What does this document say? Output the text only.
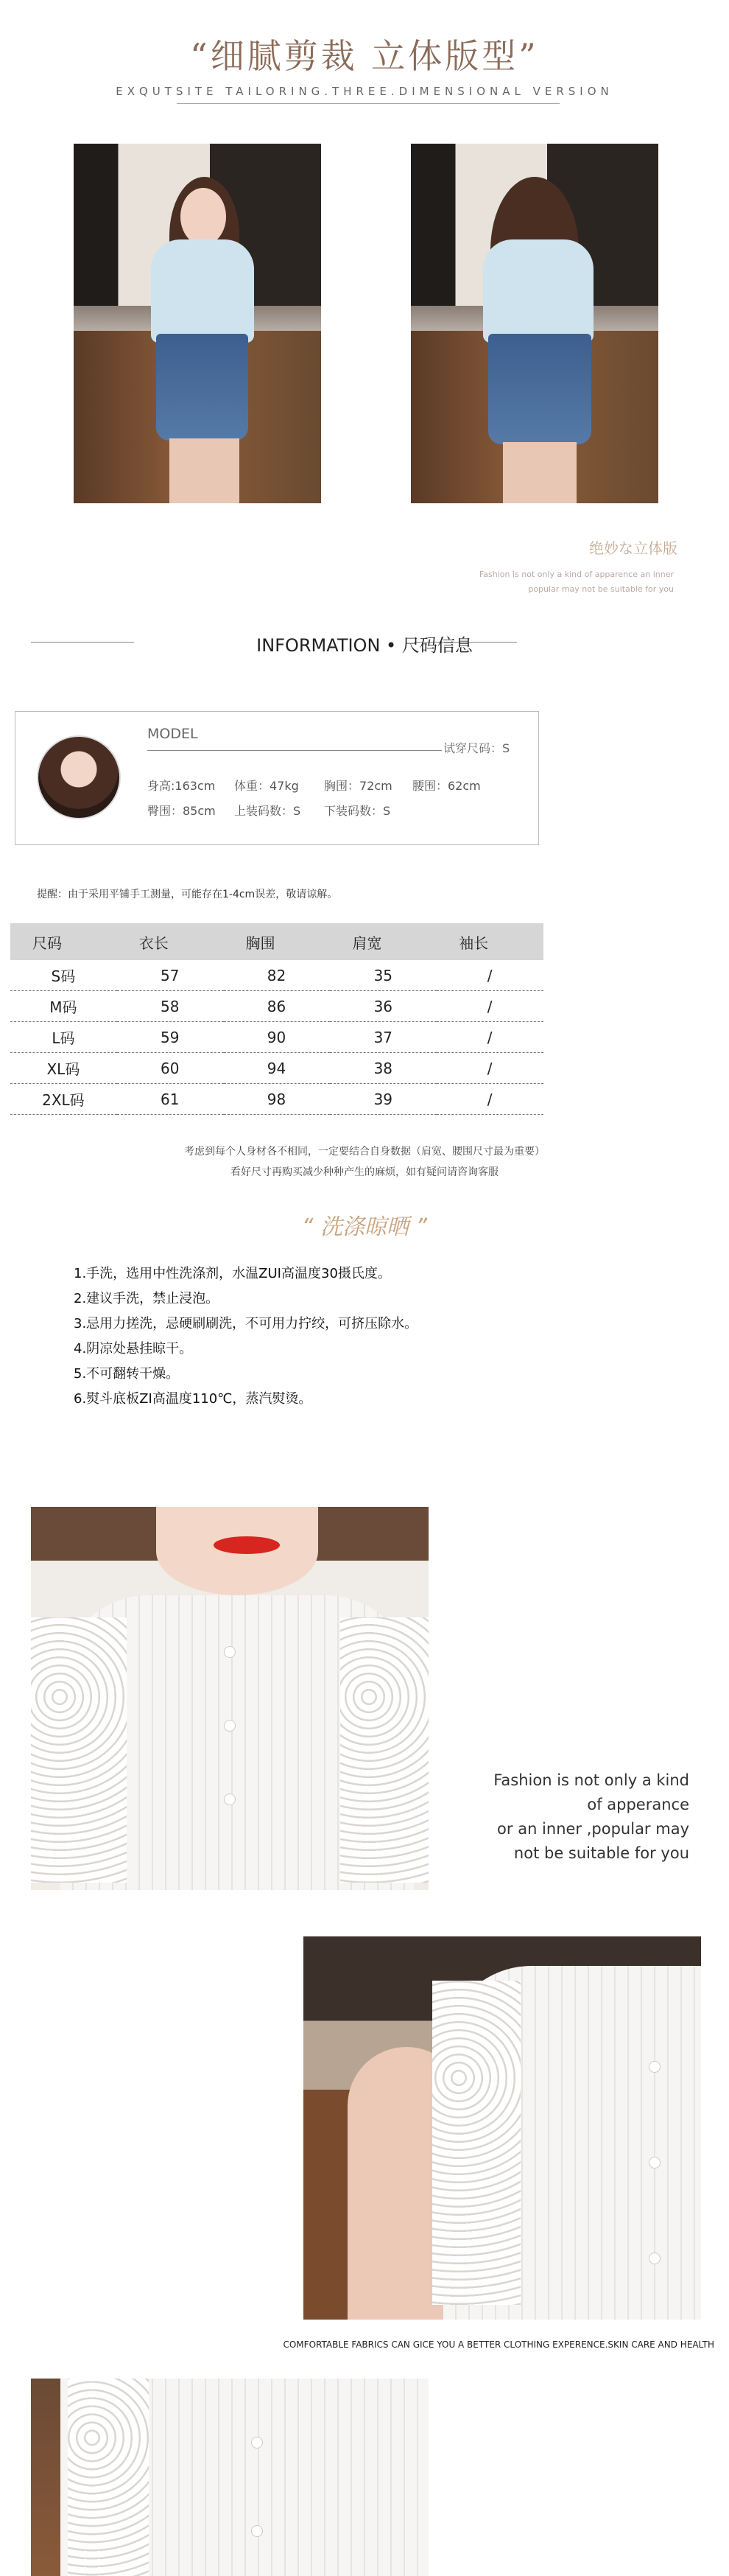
“细腻剪裁 立体版型”
EXQUTSITE TAILORING.THREE.DIMENSIONAL VERSION
绝妙な立体版
Fashion is not only a kind of apparence an inner
popular may not be suitable for you
INFORMATION • 尺码信息
MODEL
试穿尺码：S
身高:163cm 体重：47kg 胸围：72cm 腰围：62cm
臀围：85cm 上装码数：S 下装码数：S
提醒：由于采用平铺手工测量，可能存在1-4cm误差，敬请谅解。
尺码	衣长	胸围	肩宽	袖长
S码	57	82	35	/
M码	58	86	36	/
L码	59	90	37	/
XL码	60	94	38	/
2XL码	61	98	39	/
考虑到每个人身材各不相同，一定要结合自身数据（肩宽、腰围尺寸最为重要）
看好尺寸再购买减少种种产生的麻烦，如有疑问请咨询客服
“ 洗涤晾晒 ”
1.手洗，选用中性洗涤剂，水温ZUI高温度30摄氏度。
2.建议手洗，禁止浸泡。
3.忌用力搓洗，忌硬刷刷洗，不可用力拧绞，可挤压除水。
4.阴凉处悬挂晾干。
5.不可翻转干燥。
6.熨斗底板ZI高温度110℃，蒸汽熨烫。
Fashion is not only a kind
of apperance
or an inner ,popular may
not be suitable for you
COMFORTABLE FABRICS CAN GICE YOU A BETTER CLOTHING EXPERENCE.SKIN CARE AND HEALTH
